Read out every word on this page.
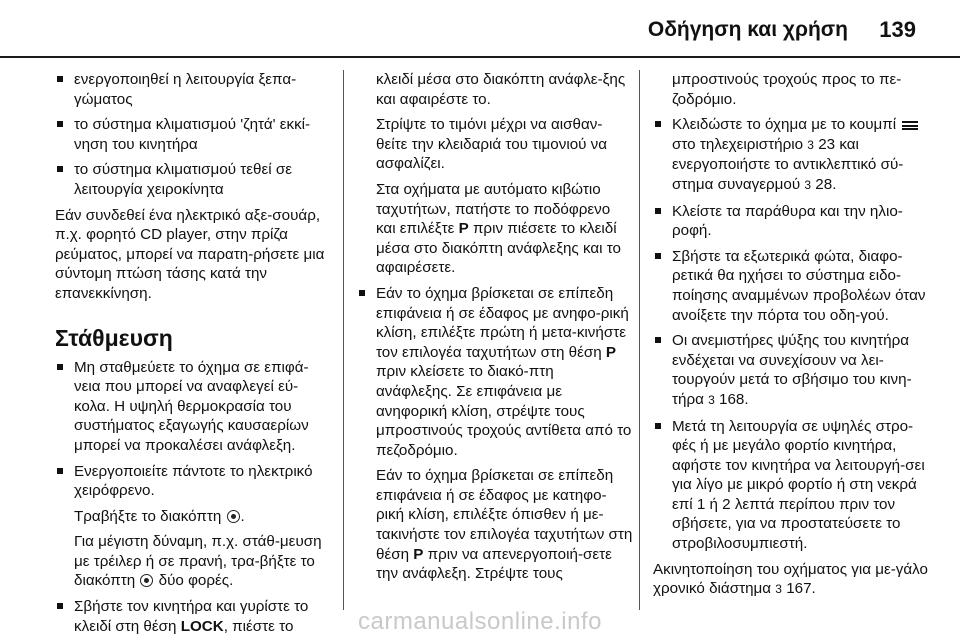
Οδήγηση και χρήση 139
ενεργοποιηθεί η λειτουργία ξεπα-γώματος
το σύστημα κλιματισμού 'ζητά' εκκί-νηση του κινητήρα
το σύστημα κλιματισμού τεθεί σε λειτουργία χειροκίνητα
Εάν συνδεθεί ένα ηλεκτρικό αξε-σουάρ, π.χ. φορητό CD player, στην πρίζα ρεύματος, μπορεί να παρατη-ρήσετε μια σύντομη πτώση τάσης κατά την επανεκκίνηση.
Στάθμευση
Μη σταθμεύετε το όχημα σε επιφά-νεια που μπορεί να αναφλεγεί εύ-κολα. Η υψηλή θερμοκρασία του συστήματος εξαγωγής καυσαερίων μπορεί να προκαλέσει ανάφλεξη.
Ενεργοποιείτε πάντοτε το ηλεκτρικό χειρόφρενο.
Τραβήξτε το διακόπτη .
Για μέγιστη δύναμη, π.χ. στάθ-μευση με τρέιλερ ή σε πρανή, τρα-βήξτε το διακόπτη δύο φορές.
Σβήστε τον κινητήρα και γυρίστε το κλειδί στη θέση LOCK, πιέστε το
κλειδί μέσα στο διακόπτη ανάφλε-ξης και αφαιρέστε το.
Στρίψτε το τιμόνι μέχρι να αισθαν-θείτε την κλειδαριά του τιμονιού να ασφαλίζει.
Στα οχήματα με αυτόματο κιβώτιο ταχυτήτων, πατήστε το ποδόφρενο και επιλέξτε P πριν πιέσετε το κλειδί μέσα στο διακόπτη ανάφλεξης και το αφαιρέσετε.
Εάν το όχημα βρίσκεται σε επίπεδη επιφάνεια ή σε έδαφος με ανηφο-ρική κλίση, επιλέξτε πρώτη ή μετα-κινήστε τον επιλογέα ταχυτήτων στη θέση P πριν κλείσετε το διακό-πτη ανάφλεξης. Σε επιφάνεια με ανηφορική κλίση, στρέψτε τους μπροστινούς τροχούς αντίθετα από το πεζοδρόμιο.
Εάν το όχημα βρίσκεται σε επίπεδη επιφάνεια ή σε έδαφος με κατηφο-ρική κλίση, επιλέξτε όπισθεν ή με-τακινήστε τον επιλογέα ταχυτήτων στη θέση P πριν να απενεργοποιή-σετε την ανάφλεξη. Στρέψτε τους
μπροστινούς τροχούς προς το πε-ζοδρόμιο.
Κλειδώστε το όχημα με το κουμπί  στο τηλεχειριστήριο 3 23 και ενεργοποιήστε το αντικλεπτικό σύ-στημα συναγερμού 3 28.
Κλείστε τα παράθυρα και την ηλιο-ροφή.
Σβήστε τα εξωτερικά φώτα, διαφο-ρετικά θα ηχήσει το σύστημα ειδο-ποίησης αναμμένων προβολέων όταν ανοίξετε την πόρτα του οδη-γού.
Οι ανεμιστήρες ψύξης του κινητήρα ενδέχεται να συνεχίσουν να λει-τουργούν μετά το σβήσιμο του κινη-τήρα 3 168.
Μετά τη λειτουργία σε υψηλές στρο-φές ή με μεγάλο φορτίο κινητήρα, αφήστε τον κινητήρα να λειτουργή-σει για λίγο με μικρό φορτίο ή στη νεκρά επί 1 ή 2 λεπτά περίπου πριν τον σβήσετε, για να προστατεύσετε το στροβιλοσυμπιεστή.
Ακινητοποίηση του οχήματος για με-γάλο χρονικό διάστημα 3 167.
carmanualsonline.info
